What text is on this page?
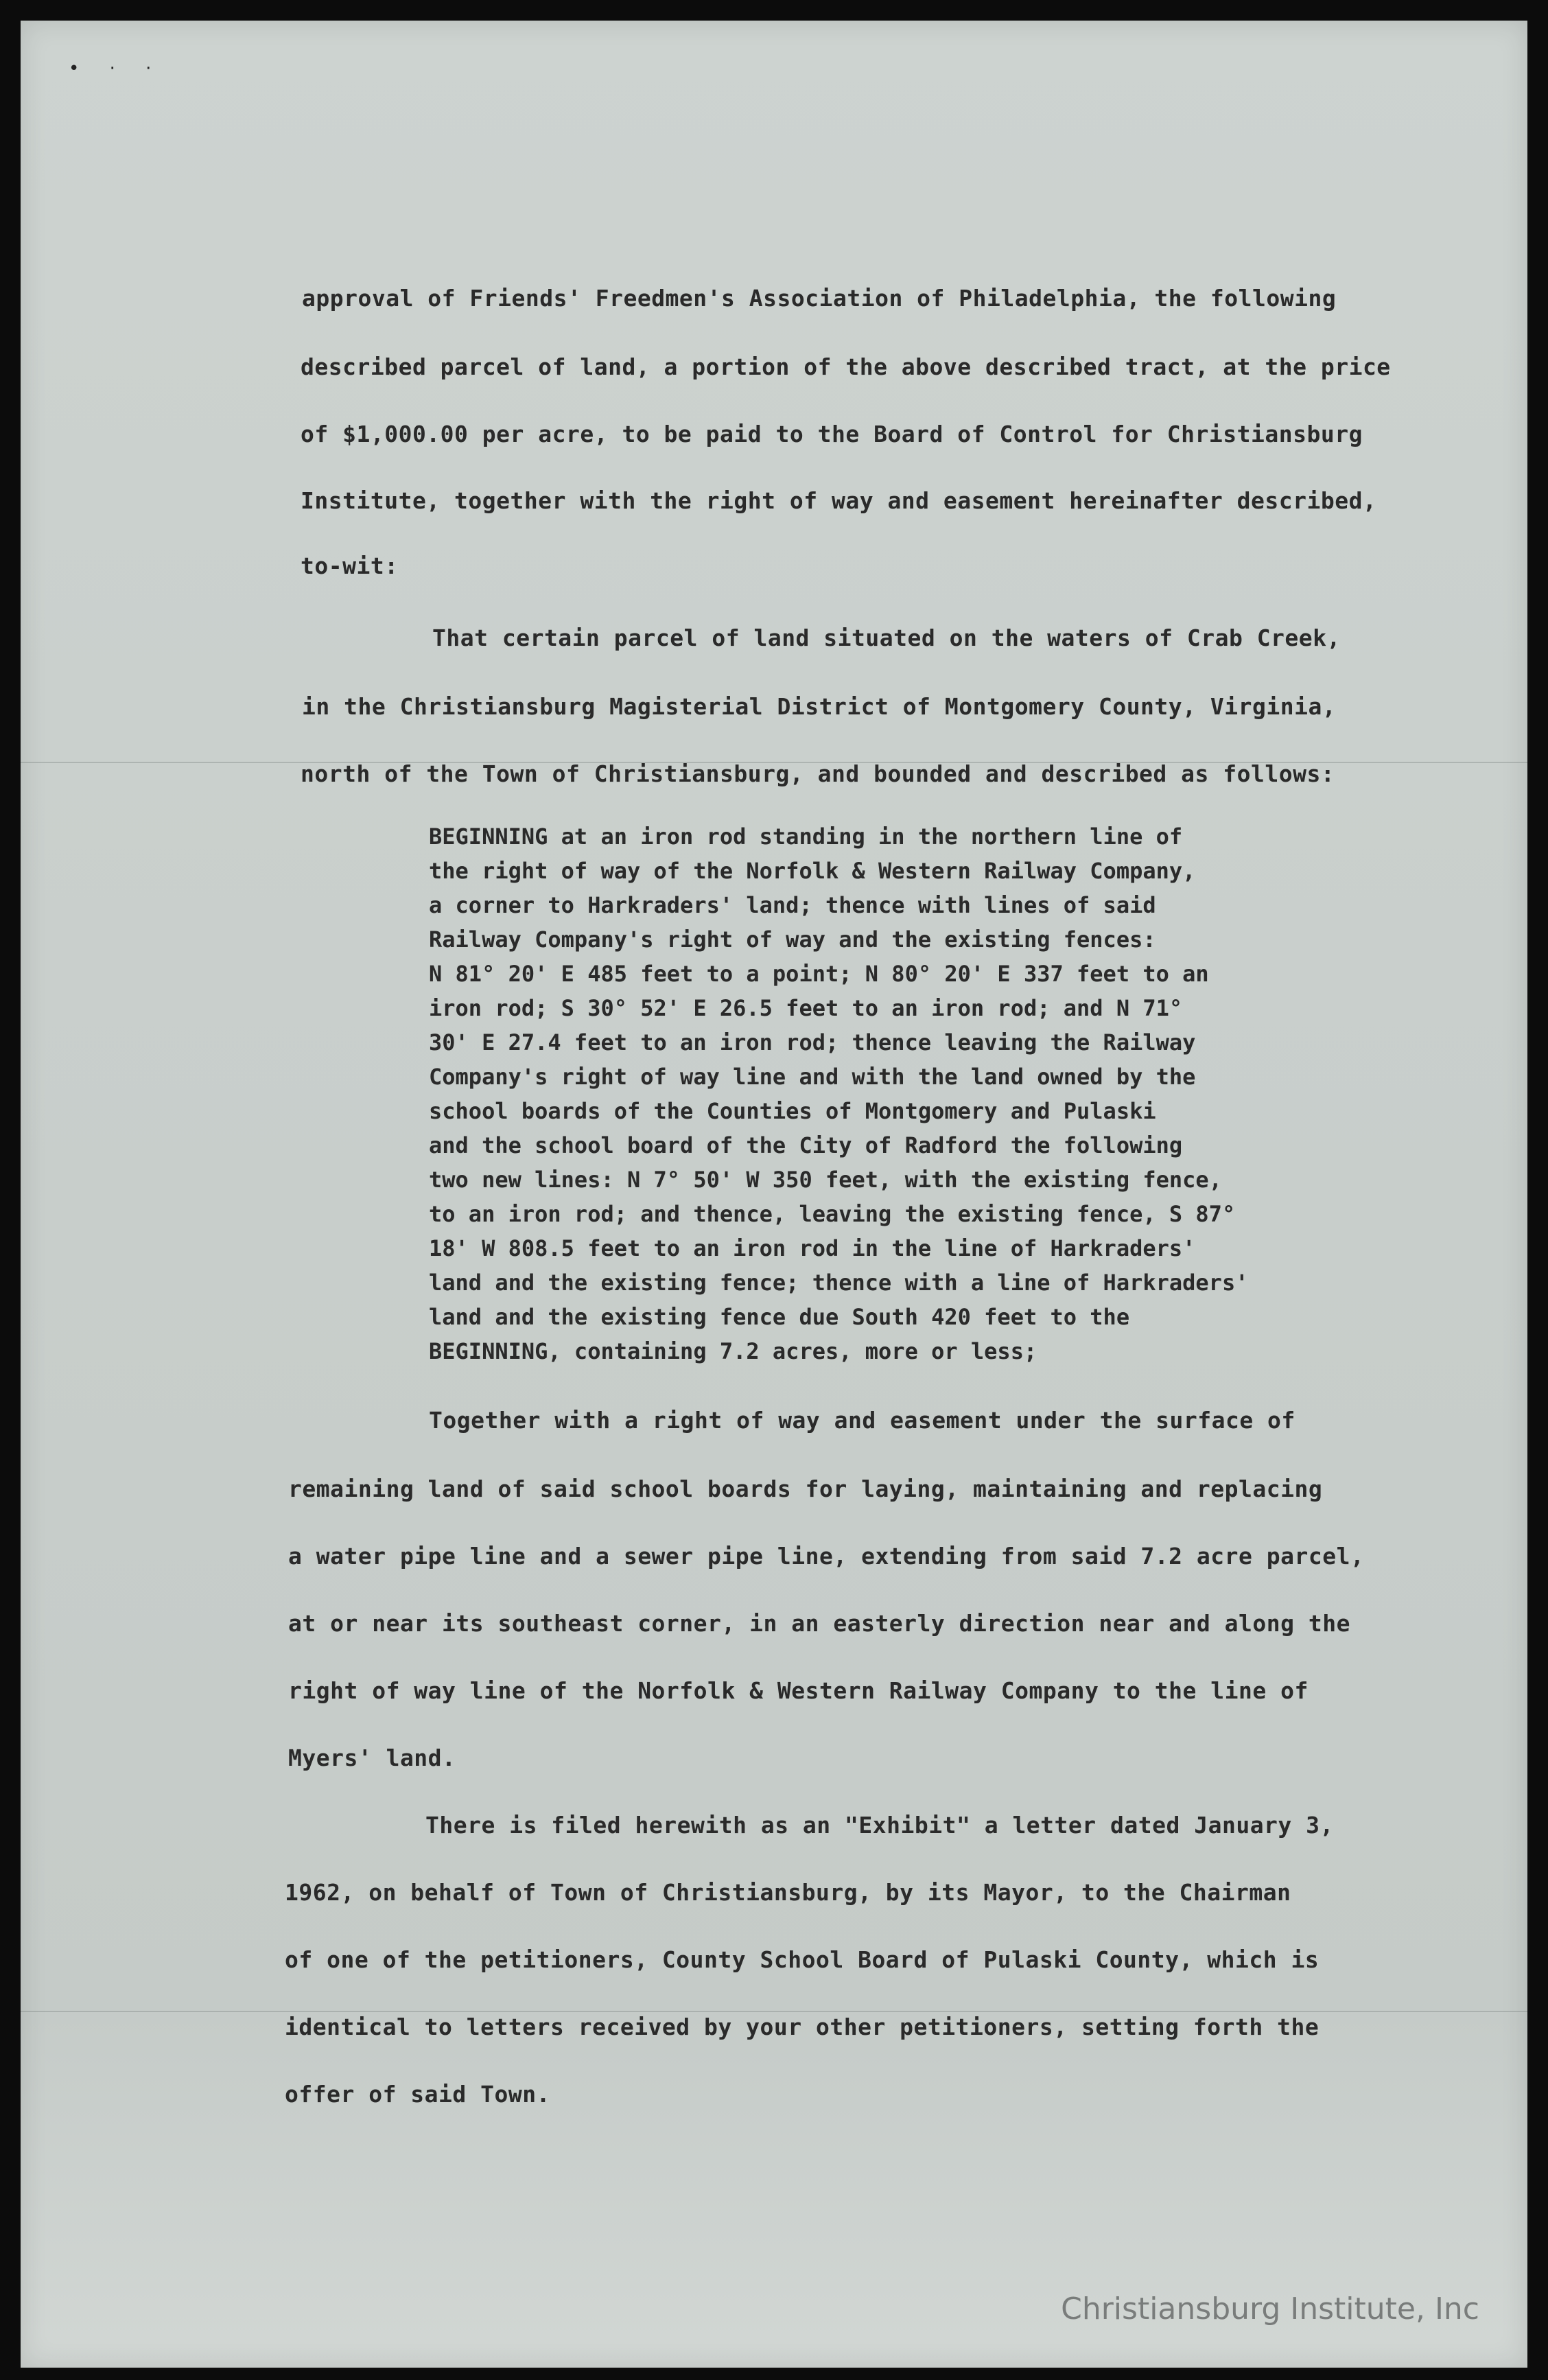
• · ·
approval of Friends' Freedmen's Association of Philadelphia, the following
described parcel of land, a portion of the above described tract, at the price
of $1,000.00 per acre, to be paid to the Board of Control for Christiansburg
Institute, together with the right of way and easement hereinafter described,
to-wit:
That certain parcel of land situated on the waters of Crab Creek,
in the Christiansburg Magisterial District of Montgomery County, Virginia,
north of the Town of Christiansburg, and bounded and described as follows:
BEGINNING at an iron rod standing in the northern line of
the right of way of the Norfolk & Western Railway Company,
a corner to Harkraders' land; thence with lines of said
Railway Company's right of way and the existing fences:
N 81° 20' E 485 feet to a point; N 80° 20' E 337 feet to an
iron rod; S 30° 52' E 26.5 feet to an iron rod; and N 71°
30' E 27.4 feet to an iron rod; thence leaving the Railway
Company's right of way line and with the land owned by the
school boards of the Counties of Montgomery and Pulaski
and the school board of the City of Radford the following
two new lines: N 7° 50' W 350 feet, with the existing fence,
to an iron rod; and thence, leaving the existing fence, S 87°
18' W 808.5 feet to an iron rod in the line of Harkraders'
land and the existing fence; thence with a line of Harkraders'
land and the existing fence due South 420 feet to the
BEGINNING, containing 7.2 acres, more or less;
Together with a right of way and easement under the surface of
remaining land of said school boards for laying, maintaining and replacing
a water pipe line and a sewer pipe line, extending from said 7.2 acre parcel,
at or near its southeast corner, in an easterly direction near and along the
right of way line of the Norfolk & Western Railway Company to the line of
Myers' land.
There is filed herewith as an "Exhibit" a letter dated January 3,
1962, on behalf of Town of Christiansburg, by its Mayor, to the Chairman
of one of the petitioners, County School Board of Pulaski County, which is
identical to letters received by your other petitioners, setting forth the
offer of said Town.
Christiansburg Institute, Inc
